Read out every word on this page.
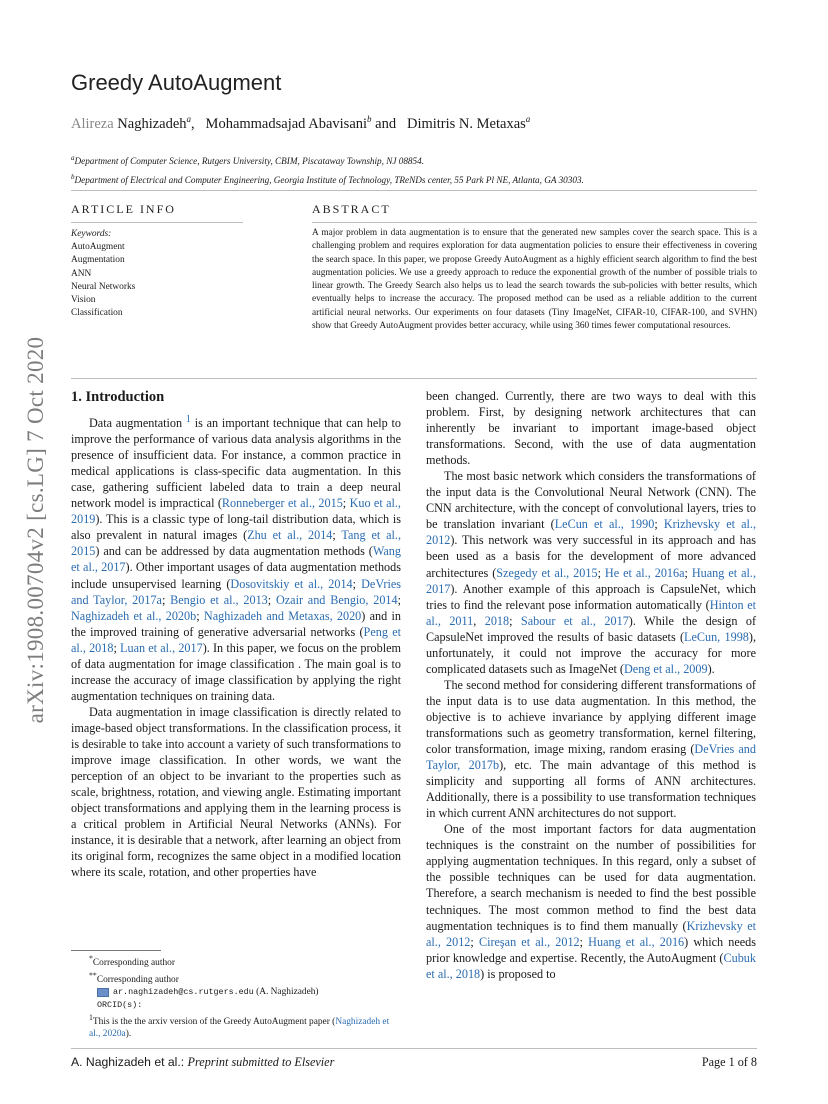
arXiv:1908.00704v2 [cs.LG] 7 Oct 2020
Greedy AutoAugment
Alireza Naghizadeh$^a$,   Mohammadsajad Abavisani$^b$ and Dimitris N. Metaxas$^a$
$^a$Department of Computer Science, Rutgers University, CBIM, Piscataway Township, NJ 08854.
$^b$Department of Electrical and Computer Engineering, Georgia Institute of Technology, TReNDs center, 55 Park Pl NE, Atlanta, GA 30303.
ARTICLE INFO	ABSTRACT
Keywords:
AutoAugment
Augmentation
ANN
Neural Networks
Vision
Classification
A major problem in data augmentation is to ensure that the generated new samples cover the search space. This is a challenging problem and requires exploration for data augmentation policies to ensure their effectiveness in covering the search space. In this paper, we propose Greedy AutoAugment as a highly efficient search algorithm to find the best augmentation policies. We use a greedy approach to reduce the exponential growth of the number of possible trials to linear growth. The Greedy Search also helps us to lead the search towards the sub-policies with better results, which eventually helps to increase the accuracy. The proposed method can be used as a reliable addition to the current artificial neural networks. Our experiments on four datasets (Tiny ImageNet, CIFAR-10, CIFAR-100, and SVHN) show that Greedy AutoAugment provides better accuracy, while using 360 times fewer computational resources.
1. Introduction

Data augmentation $^1$ is an important technique that can help to improve the performance of various data analysis algorithms in the presence of insufficient data. For instance, a common practice in medical applications is class-specific data augmentation. In this case, gathering sufficient labeled data to train a deep neural network model is impractical (Ronneberger et al., 2015; Kuo et al., 2019). This is a classic type of long-tail distribution data, which is also prevalent in natural images (Zhu et al., 2014; Tang et al., 2015) and can be addressed by data augmentation methods (Wang et al., 2017). Other important usages of data augmentation methods include unsupervised learning (Dosovitskiy et al., 2014; DeVries and Taylor, 2017a; Bengio et al., 2013; Ozair and Bengio, 2014; Naghizadeh et al., 2020b; Naghizadeh and Metaxas, 2020) and in the improved training of generative adversarial networks (Peng et al., 2018; Luan et al., 2017). In this paper, we focus on the problem of data augmentation for image classification . The main goal is to increase the accuracy of image classification by applying the right augmentation techniques on training data.

Data augmentation in image classification is directly related to image-based object transformations. In the classification process, it is desirable to take into account a variety of such transformations to improve image classification. In other words, we want the perception of an object to be invariant to the properties such as scale, brightness, rotation, and viewing angle. Estimating important object transformations and applying them in the learning process is a critical problem in Artificial Neural Networks (ANNs). For instance, it is desirable that a network, after learning an object from its original form, recognizes the same object in a modified location where its scale, rotation, and other properties have

been changed. Currently, there are two ways to deal with this problem. First, by designing network architectures that can inherently be invariant to important image-based object transformations. Second, with the use of data augmentation methods.

The most basic network which considers the transformations of the input data is the Convolutional Neural Network (CNN). The CNN architecture, with the concept of convolutional layers, tries to be translation invariant (LeCun et al., 1990; Krizhevsky et al., 2012). This network was very successful in its approach and has been used as a basis for the development of more advanced architectures (Szegedy et al., 2015; He et al., 2016a; Huang et al., 2017). Another example of this approach is CapsuleNet, which tries to find the relevant pose information automatically (Hinton et al., 2011, 2018; Sabour et al., 2017). While the design of CapsuleNet improved the results of basic datasets (LeCun, 1998), unfortunately, it could not improve the accuracy for more complicated datasets such as ImageNet (Deng et al., 2009).

The second method for considering different transformations of the input data is to use data augmentation. In this method, the objective is to achieve invariance by applying different image transformations such as geometry transformation, kernel filtering, color transformation, image mixing, random erasing (DeVries and Taylor, 2017b), etc. The main advantage of this method is simplicity and supporting all forms of ANN architectures. Additionally, there is a possibility to use transformation techniques in which current ANN architectures do not support.

One of the most important factors for data augmentation techniques is the constraint on the number of possibilities for applying augmentation techniques. In this regard, only a subset of the possible techniques can be used for data augmentation. Therefore, a search mechanism is needed to find the best possible techniques. The most common method to find the best data augmentation techniques is to find them manually (Krizhevsky et al., 2012; Cireşan et al., 2012; Huang et al., 2016) which needs prior knowledge and expertise. Recently, the AutoAugment (Cubuk et al., 2018) is proposed to

*Corresponding author
**Corresponding author
ar.naghizadeh@cs.rutgers.edu (A. Naghizadeh)
ORCID(s):
$^1$This is the the arxiv version of the Greedy AutoAugment paper (Naghizadeh et al., 2020a).
A. Naghizadeh et al.: Preprint submitted to Elsevier	Page 1 of 8
